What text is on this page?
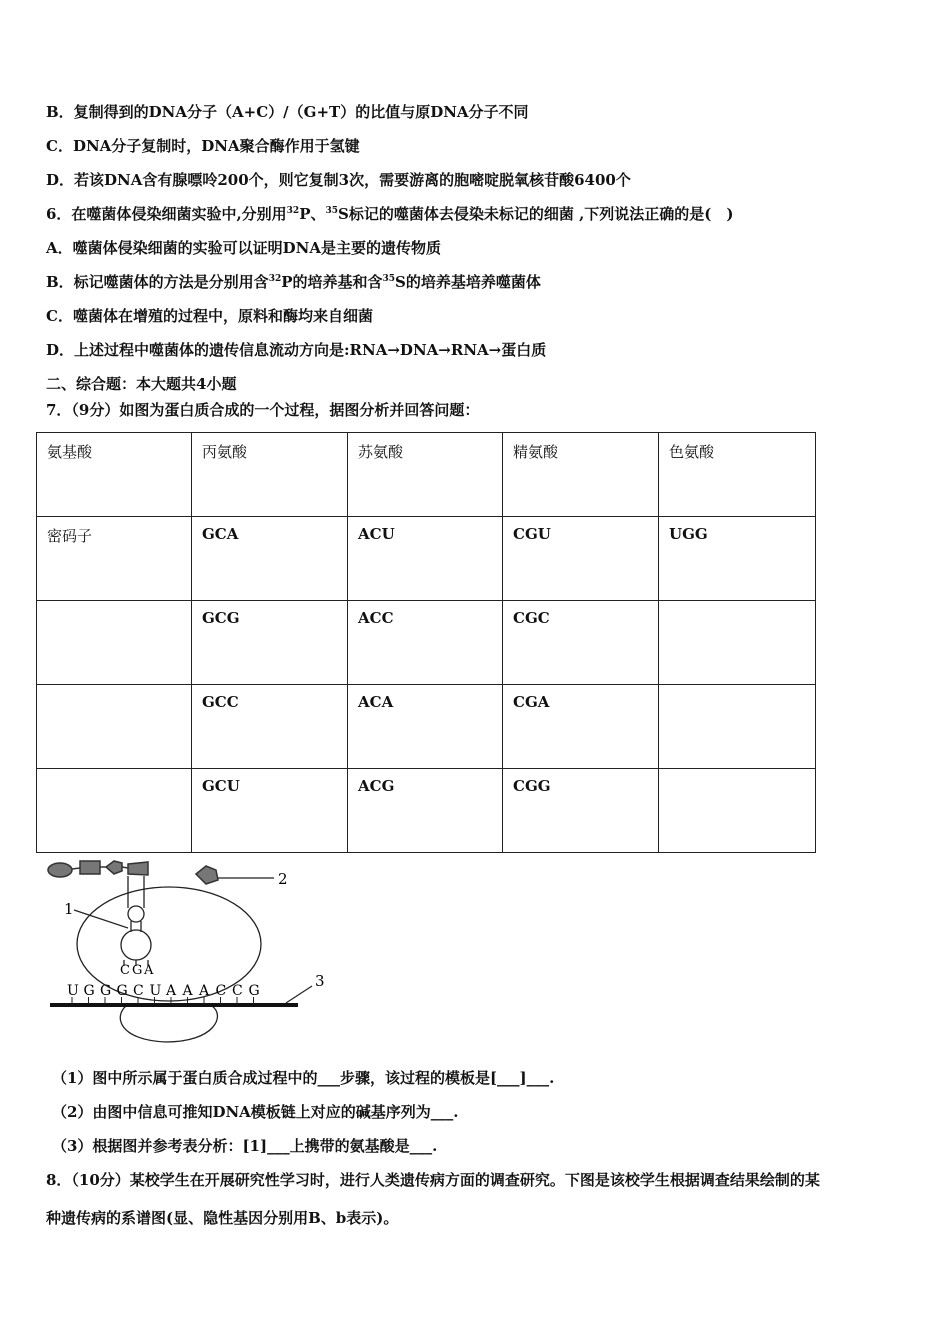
B．复制得到的DNA分子（A+C）/（G+T）的比值与原DNA分子不同
C．DNA分子复制时，DNA聚合酶作用于氢键
D．若该DNA含有腺嘌呤200个，则它复制3次，需要游离的胞嘧啶脱氧核苷酸6400个
6．在噬菌体侵染细菌实验中,分别用$^{32}$P、$^{35}$S标记的噬菌体去侵染未标记的细菌 ,下列说法正确的是(　)
A．噬菌体侵染细菌的实验可以证明DNA是主要的遗传物质
B．标记噬菌体的方法是分别用含$^{32}$P的培养基和含$^{35}$S的培养基培养噬菌体
C．噬菌体在增殖的过程中，原料和酶均来自细菌
D．上述过程中噬菌体的遗传信息流动方向是:RNA→DNA→RNA→蛋白质
二、综合题：本大题共4小题
7．（9分）如图为蛋白质合成的一个过程，据图分析并回答问题：
氨基酸	丙氨酸	苏氨酸	精氨酸	色氨酸
密码子	GCA	ACU	CGU	UGG
	GCG	ACC	CGC	
	GCC	ACA	CGA	
	GCU	ACG	CGG	
2
C G A
1
3
U G G G C U A A A C C G
（1）图中所示属于蛋白质合成过程中的___步骤，该过程的模板是[___]___.
（2）由图中信息可推知DNA模板链上对应的碱基序列为___.
（3）根据图并参考表分析：[1]___上携带的氨基酸是___.
8．（10分）某校学生在开展研究性学习时，进行人类遗传病方面的调查研究。下图是该校学生根据调查结果绘制的某
种遗传病的系谱图(显、隐性基因分别用B、b表示)。
